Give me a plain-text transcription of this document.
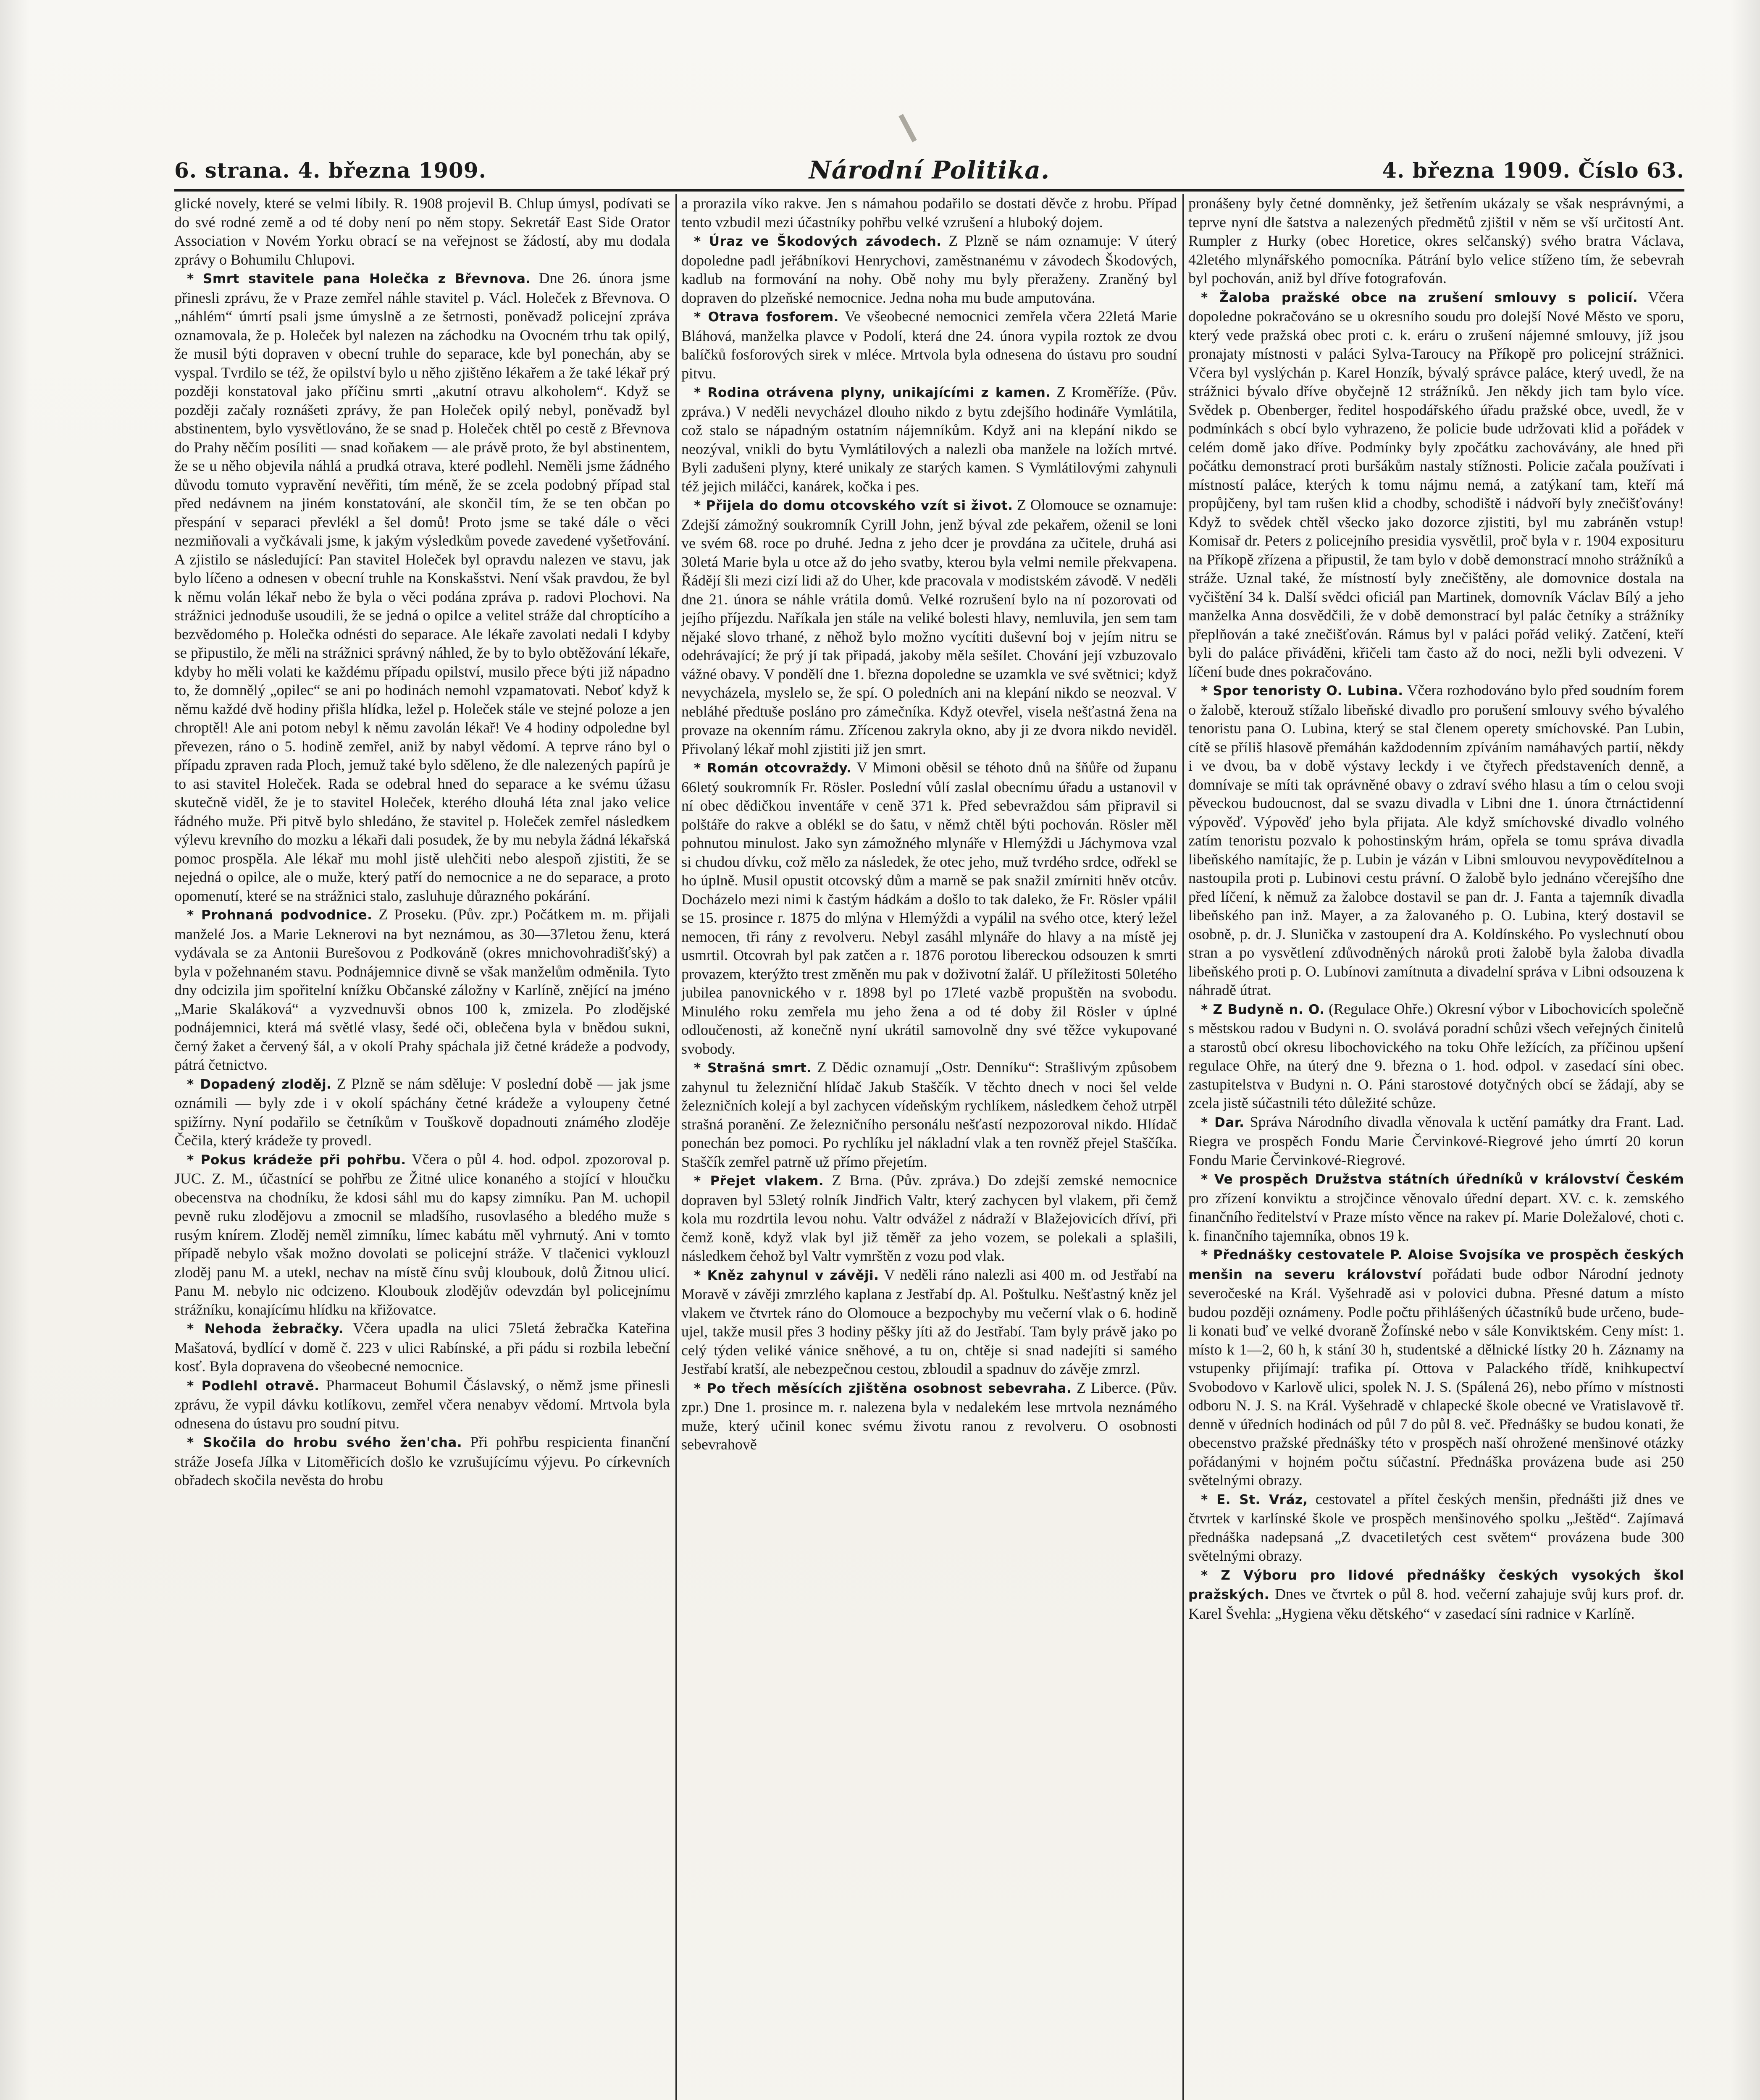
6. strana. 4. března 1909.	Národní Politika.	4. března 1909. Číslo 63.

glické novely, které se velmi líbily. R. 1908 projevil B. Chlup úmysl, podívati se do své rodné země a od té doby není po něm stopy. Sekretář East Side Orator Association v Novém Yorku obrací se na veřejnost se žádostí, aby mu dodala zprávy o Bohumilu Chlupovi.

* Smrt stavitele pana Holečka z Břevnova. Dne 26. února jsme přinesli zprávu, že v Praze zemřel náhle stavitel p. Václ. Holeček z Břevnova. O „náhlém“ úmrtí psali jsme úmyslně a ze šetrnosti, poněvadž policejní zpráva oznamovala, že p. Holeček byl nalezen na záchodku na Ovocném trhu tak opilý, že musil býti dopraven v obecní truhle do separace, kde byl ponechán, aby se vyspal. Tvrdilo se též, že opilství bylo u něho zjištěno lékařem a že také lékař prý později konstatoval jako příčinu smrti „akutní otravu alkoholem“. Když se později začaly roznášeti zprávy, že pan Holeček opilý nebyl, poněvadž byl abstinentem, bylo vysvětlováno, že se snad p. Holeček chtěl po cestě z Břevnova do Prahy něčím posíliti — snad koňakem — ale právě proto, že byl abstinentem, že se u něho objevila náhlá a prudká otrava, které podlehl. Neměli jsme žádného důvodu tomuto vypravění nevěřiti, tím méně, že se zcela podobný případ stal před nedávnem na jiném konstatování, ale skončil tím, že se ten občan po přespání v separaci převlékl a šel domů! Proto jsme se také dále o věci nezmiňovali a vyčkávali jsme, k jakým výsledkům povede zavedené vyšetřování. A zjistilo se následující: Pan stavitel Holeček byl opravdu nalezen ve stavu, jak bylo líčeno a odnesen v obecní truhle na Konskašstvi. Není však pravdou, že byl k němu volán lékař nebo že byla o věci podána zpráva p. radovi Plochovi. Na strážnici jednoduše usoudili, že se jedná o opilce a velitel stráže dal chroptícího a bezvědomého p. Holečka odnésti do separace. Ale lékaře zavolati nedali I kdyby se připustilo, že měli na strážnici správný náhled, že by to bylo obtěžování lékaře, kdyby ho měli volati ke každému případu opilství, musilo přece býti již nápadno to, že domnělý „opilec“ se ani po hodinách nemohl vzpamatovati. Neboť když k němu každé dvě hodiny přišla hlídka, ležel p. Holeček stále ve stejné poloze a jen chroptěl! Ale ani potom nebyl k němu zavolán lékař! Ve 4 hodiny odpoledne byl převezen, ráno o 5. hodině zemřel, aniž by nabyl vědomí. A teprve ráno byl o případu zpraven rada Ploch, jemuž také bylo sděleno, že dle nalezených papírů je to asi stavitel Holeček. Rada se odebral hned do separace a ke svému úžasu skutečně viděl, že je to stavitel Holeček, kterého dlouhá léta znal jako velice řádného muže. Při pitvě bylo shledáno, že stavitel p. Holeček zemřel následkem výlevu krevního do mozku a lékaři dali posudek, že by mu nebyla žádná lékařská pomoc prospěla. Ale lékař mu mohl jistě ulehčiti nebo alespoň zjistiti, že se nejedná o opilce, ale o muže, který patří do nemocnice a ne do separace, a proto opomenutí, které se na strážnici stalo, zasluhuje důrazného pokárání.

* Prohnaná podvodnice. Z Proseku. (Pův. zpr.) Počátkem m. m. přijali manželé Jos. a Marie Leknerovi na byt neznámou, as 30—37letou ženu, která vydávala se za Antonii Burešovou z Podkováně (okres mnichovohradišťský) a byla v požehnaném stavu. Podnájemnice divně se však manželům odměnila. Tyto dny odcizila jim spořitelní knížku Občanské záložny v Karlíně, znějící na jméno „Marie Skaláková“ a vyzvednuvši obnos 100 k, zmizela. Po zlodějské podnájemnici, která má světlé vlasy, šedé oči, oblečena byla v bnědou sukni, černý žaket a červený šál, a v okolí Prahy spáchala již četné krádeže a podvody, pátrá četnictvo.

* Dopadený zloděj. Z Plzně se nám sděluje: V poslední době — jak jsme oznámili — byly zde i v okolí spáchány četné krádeže a vyloupeny četné spižírny. Nyní podařilo se četníkům v Touškově dopadnouti známého zloděje Čečila, který krádeže ty provedl.

* Pokus krádeže při pohřbu. Včera o půl 4. hod. odpol. zpozoroval p. JUC. Z. M., účastnící se pohřbu ze Žitné ulice konaného a stojící v hloučku obecenstva na chodníku, že kdosi sáhl mu do kapsy zimníku. Pan M. uchopil pevně ruku zlodějovu a zmocnil se mladšího, rusovlasého a bledého muže s rusým knírem. Zloděj neměl zimníku, límec kabátu měl vyhrnutý. Ani v tomto případě nebylo však možno dovolati se policejní stráže. V tlačenici vyklouzl zloděj panu M. a utekl, nechav na místě čínu svůj kloubouk, dolů Žitnou ulicí. Panu M. nebylo nic odcizeno. Kloubouk zlodějův odevzdán byl policejnímu strážníku, konajícímu hlídku na křižovatce.

* Nehoda žebračky. Včera upadla na ulici 75letá žebračka Kateřina Mašatová, bydlící v domě č. 223 v ulici Rabínské, a při pádu si rozbila lebeční kosť. Byla dopravena do všeobecné nemocnice.

* Podlehl otravě. Pharmaceut Bohumil Čáslavský, o němž jsme přinesli zprávu, že vypil dávku kotlíkovu, zemřel včera nenabyv vědomí. Mrtvola byla odnesena do ústavu pro soudní pitvu.

* Skočila do hrobu svého žen'cha. Při pohřbu respicienta finanční stráže Josefa Jílka v Litoměřicích došlo ke vzrušujícímu výjevu. Po církevních obřadech skočila nevěsta do hrobu

a prorazila víko rakve. Jen s námahou podařilo se dostati děvče z hrobu. Případ tento vzbudil mezi účastníky pohřbu velké vzrušení a hluboký dojem.

* Úraz ve Škodových závodech. Z Plzně se nám oznamuje: V úterý dopoledne padl jeřábníkovi Henrychovi, zaměstnanému v závodech Škodových, kadlub na formování na nohy. Obě nohy mu byly přeraženy. Zraněný byl dopraven do plzeňské nemocnice. Jedna noha mu bude amputována.

* Otrava fosforem. Ve všeobecné nemocnici zemřela včera 22letá Marie Bláhová, manželka plavce v Podolí, která dne 24. února vypila roztok ze dvou balíčků fosforových sirek v mléce. Mrtvola byla odnesena do ústavu pro soudní pitvu.

* Rodina otrávena plyny, unikajícími z kamen. Z Kroměříže. (Pův. zpráva.) V neděli nevycházel dlouho nikdo z bytu zdejšího hodináře Vymlátila, což stalo se nápadným ostatním nájemníkům. Když ani na klepání nikdo se neozýval, vnikli do bytu Vymlátilových a nalezli oba manžele na ložích mrtvé. Byli zadušeni plyny, které unikaly ze starých kamen. S Vymlátilovými zahynuli též jejich miláčci, kanárek, kočka i pes.

* Přijela do domu otcovského vzít si život. Z Olomouce se oznamuje: Zdejší zámožný soukromník Cyrill John, jenž býval zde pekařem, oženil se loni ve svém 68. roce po druhé. Jedna z jeho dcer je provdána za učitele, druhá asi 30letá Marie byla u otce až do jeho svatby, kterou byla velmi nemile překvapena. Řádějí šli mezi cizí lidi až do Uher, kde pracovala v modistském závodě. V neděli dne 21. února se náhle vrátila domů. Velké rozrušení bylo na ní pozorovati od jejího příjezdu. Naříkala jen stále na veliké bolesti hlavy, nemluvila, jen sem tam nějaké slovo trhané, z něhož bylo možno vycítiti duševní boj v jejím nitru se odehrávající; že prý jí tak připadá, jakoby měla sešílet. Chování její vzbuzovalo vážné obavy. V pondělí dne 1. března dopoledne se uzamkla ve své světnici; když nevycházela, myslelo se, že spí. O poledních ani na klepání nikdo se neozval. V nebláhé předtuše posláno pro zámečníka. Když otevřel, visela nešťastná žena na provaze na okenním rámu. Zřícenou zakryla okno, aby ji ze dvora nikdo neviděl. Přivolaný lékař mohl zjistiti již jen smrt.

* Román otcovraždy. V Mimoni oběsil se téhoto dnů na šňůře od županu 66letý soukromník Fr. Rösler. Poslední vůlí zaslal obecnímu úřadu a ustanovil v ní obec dědičkou inventáře v ceně 371 k. Před sebevraždou sám připravil si polštáře do rakve a oblékl se do šatu, v němž chtěl býti pochován. Rösler měl pohnutou minulost. Jako syn zámožného mlynáře v Hlemýždi u Jáchymova vzal si chudou dívku, což mělo za následek, že otec jeho, muž tvrdého srdce, odřekl se ho úplně. Musil opustit otcovský dům a marně se pak snažil zmírniti hněv otcův. Docházelo mezi nimi k častým hádkám a došlo to tak daleko, že Fr. Rösler vpálil se 15. prosince r. 1875 do mlýna v Hlemýždi a vypálil na svého otce, který ležel nemocen, tři rány z revolveru. Nebyl zasáhl mlynáře do hlavy a na místě jej usmrtil. Otcovrah byl pak zatčen a r. 1876 porotou libereckou odsouzen k smrti provazem, kterýžto trest změněn mu pak v doživotní žalář. U příležitosti 50letého jubilea panovnického v r. 1898 byl po 17leté vazbě propuštěn na svobodu. Minulého roku zemřela mu jeho žena a od té doby žil Rösler v úplné odloučenosti, až konečně nyní ukrátil samovolně dny své těžce vykupované svobody.

* Strašná smrt. Z Dědic oznamují „Ostr. Denníku“: Strašlivým způsobem zahynul tu železniční hlídač Jakub Staščík. V těchto dnech v noci šel velde železničních kolejí a byl zachycen vídeňským rychlíkem, následkem čehož utrpěl strašná poranění. Ze železničního personálu nešťastí nezpozoroval nikdo. Hlídač ponechán bez pomoci. Po rychlíku jel nákladní vlak a ten rovněž přejel Staščíka. Staščík zemřel patrně už přímo přejetím.

* Přejet vlakem. Z Brna. (Pův. zpráva.) Do zdejší zemské nemocnice dopraven byl 53letý rolník Jindřich Valtr, který zachycen byl vlakem, při čemž kola mu rozdrtila levou nohu. Valtr odvážel z nádraží v Blažejovicích dříví, při čemž koně, když vlak byl již těměř za jeho vozem, se polekali a splašili, následkem čehož byl Valtr vymrštěn z vozu pod vlak.

* Kněz zahynul v závěji. V neděli ráno nalezli asi 400 m. od Jestřabí na Moravě v závěji zmrzlého kaplana z Jestřabí dp. Al. Poštulku. Nešťastný kněz jel vlakem ve čtvrtek ráno do Olomouce a bezpochyby mu večerní vlak o 6. hodině ujel, takže musil přes 3 hodiny pěšky jíti až do Jestřabí. Tam byly právě jako po celý týden veliké vánice sněhové, a tu on, chtěje si snad nadejíti si samého Jestřabí kratší, ale nebezpečnou cestou, zbloudil a spadnuv do závěje zmrzl.

* Po třech měsících zjištěna osobnost sebevraha. Z Liberce. (Pův. zpr.) Dne 1. prosince m. r. nalezena byla v nedalekém lese mrtvola neznámého muže, který učinil konec svému životu ranou z revolveru. O osobnosti sebevrahově

pronášeny byly četné domněnky, jež šetřením ukázaly se však nesprávnými, a teprve nyní dle šatstva a nalezených předmětů zjištil v něm se vší určitostí Ant. Rumpler z Hurky (obec Horetice, okres selčanský) svého bratra Václava, 42letého mlynářského pomocníka. Pátrání bylo velice stíženo tím, že sebevrah byl pochován, aniž byl dříve fotografován.

* Žaloba pražské obce na zrušení smlouvy s policií. Včera dopoledne pokračováno se u okresního soudu pro dolejší Nové Město ve sporu, který vede pražská obec proti c. k. eráru o zrušení nájemné smlouvy, jíž jsou pronajaty místnosti v paláci Sylva-Taroucy na Příkopě pro policejní strážnici. Včera byl vyslýchán p. Karel Honzík, bývalý správce paláce, který uvedl, že na strážnici bývalo dříve obyčejně 12 strážníků. Jen někdy jich tam bylo více. Svědek p. Obenberger, ředitel hospodářského úřadu pražské obce, uvedl, že v podmínkách s obcí bylo vyhrazeno, že policie bude udržovati klid a pořádek v celém domě jako dříve. Podmínky byly zpočátku zachovávány, ale hned při počátku demonstrací proti buršákům nastaly stížnosti. Policie začala používati i místností paláce, kterých k tomu nájmu nemá, a zatýkaní tam, kteří má propůjčeny, byl tam rušen klid a chodby, schodiště i nádvoří byly znečišťovány! Když to svědek chtěl všecko jako dozorce zjistiti, byl mu zabráněn vstup! Komisař dr. Peters z policejního presidia vysvětlil, proč byla v r. 1904 exposituru na Příkopě zřízena a připustil, že tam bylo v době demonstrací mnoho strážníků a stráže. Uznal také, že místností byly znečištěny, ale domovnice dostala na vyčištění 34 k. Další svědci oficiál pan Martinek, domovník Václav Bílý a jeho manželka Anna dosvědčili, že v době demonstrací byl palác četníky a strážníky přeplňován a také znečišťován. Rámus byl v paláci pořád veliký. Zatčení, kteří byli do paláce přiváděni, křičeli tam často až do noci, nežli byli odvezeni. V líčení bude dnes pokračováno.

* Spor tenoristy O. Lubina. Včera rozhodováno bylo před soudním forem o žalobě, kterouž stížalo libeňské divadlo pro porušení smlouvy svého bývalého tenoristu pana O. Lubina, který se stal členem operety smíchovské. Pan Lubin, cítě se příliš hlasově přemáhán každodenním zpíváním namáhavých partií, někdy i ve dvou, ba v době výstavy leckdy i ve čtyřech představeních denně, a domnívaje se míti tak oprávněné obavy o zdraví svého hlasu a tím o celou svoji pěveckou budoucnost, dal se svazu divadla v Libni dne 1. února čtrnáctidenní výpověď. Výpověď jeho byla přijata. Ale když smíchovské divadlo volného zatím tenoristu pozvalo k pohostinským hrám, opřela se tomu správa divadla libeňského namítajíc, že p. Lubin je vázán v Libni smlouvou nevypovědítelnou a nastoupila proti p. Lubinovi cestu právní. O žalobě bylo jednáno včerejšího dne před líčení, k němuž za žalobce dostavil se pan dr. J. Fanta a tajemník divadla libeňského pan inž. Mayer, a za žalovaného p. O. Lubina, který dostavil se osobně, p. dr. J. Slunička v zastoupení dra A. Koldínského. Po vyslechnutí obou stran a po vysvětlení zdůvodněných nároků proti žalobě byla žaloba divadla libeňského proti p. O. Lubínovi zamítnuta a divadelní správa v Libni odsouzena k náhradě útrat.

* Z Budyně n. O. (Regulace Ohře.) Okresní výbor v Libochovicích společně s městskou radou v Budyni n. O. svolává poradní schůzi všech veřejných činitelů a starostů obcí okresu libochovického na toku Ohře ležících, za příčinou upšení regulace Ohře, na úterý dne 9. března o 1. hod. odpol. v zasedací síni obec. zastupitelstva v Budyni n. O. Páni starostové dotyčných obcí se žádají, aby se zcela jistě súčastnili této důležité schůze.

* Dar. Správa Národního divadla věnovala k uctění památky dra Frant. Lad. Riegra ve prospěch Fondu Marie Červinkové-Riegrové jeho úmrtí 20 korun Fondu Marie Červinkové-Riegrové.

* Ve prospěch Družstva státních úředníků v království Českém pro zřízení konviktu a strojčince věnovalo úřední depart. XV. c. k. zemského finančního ředitelství v Praze místo věnce na rakev pí. Marie Doležalové, choti c. k. finančního tajemníka, obnos 19 k.

* Přednášky cestovatele P. Aloise Svojsíka ve prospěch českých menšin na severu království pořádati bude odbor Národní jednoty severočeské na Král. Vyšehradě asi v polovici dubna. Přesné datum a místo budou později oznámeny. Podle počtu přihlášených účastníků bude určeno, bude-li konati buď ve velké dvoraně Žofínské nebo v sále Konviktském. Ceny míst: 1. místo k 1—2, 60 h, k stání 30 h, studentské a dělnické lístky 20 h. Záznamy na vstupenky přijímají: trafika pí. Ottova v Palackého třídě, knihkupectví Svobodovo v Karlově ulici, spolek N. J. S. (Spálená 26), nebo přímo v místnosti odboru N. J. S. na Král. Vyšehradě v chlapecké škole obecné ve Vratislavově tř. denně v úředních hodinách od půl 7 do půl 8. več. Přednášky se budou konati, že obecenstvo pražské přednášky této v prospěch naší ohrožené menšinové otázky pořádanými v hojném počtu súčastní. Přednáška provázena bude asi 250 světelnými obrazy.

* E. St. Vráz, cestovatel a přítel českých menšin, přednášti již dnes ve čtvrtek v karlínské škole ve prospěch menšinového spolku „Ještěd“. Zajímavá přednáška nadepsaná „Z dvacetiletých cest světem“ provázena bude 300 světelnými obrazy.

* Z Výboru pro lidové přednášky českých vysokých škol pražských. Dnes ve čtvrtek o půl 8. hod. večerní zahajuje svůj kurs prof. dr. Karel Švehla: „Hygiena věku dětského“ v zasedací síni radnice v Karlíně.
